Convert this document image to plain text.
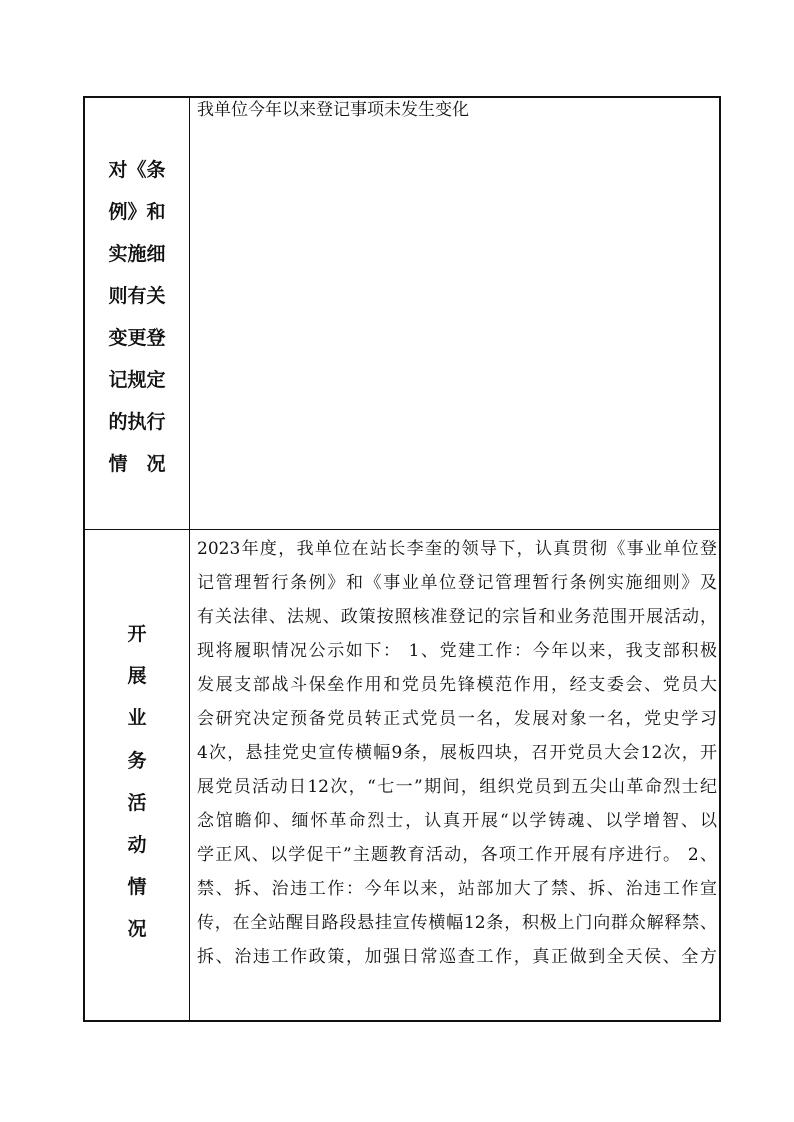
对《条
例》和
实施细
则有关
变更登
记规定
的执行
情　况
我单位今年以来登记事项未发生变化
开
展
业
务
活
动
情
况
2023年度，我单位在站长李奎的领导下，认真贯彻《事业单位登
记管理暂行条例》和《事业单位登记管理暂行条例实施细则》及
有关法律、法规、政策按照核准登记的宗旨和业务范围开展活动，
现将履职情况公示如下： 1、党建工作：今年以来，我支部积极
发展支部战斗保垒作用和党员先锋模范作用，经支委会、党员大
会研究决定预备党员转正式党员一名，发展对象一名，党史学习
4次，悬挂党史宣传横幅9条，展板四块，召开党员大会12次，开
展党员活动日12次，“七一”期间，组织党员到五尖山革命烈士纪
念馆瞻仰、缅怀革命烈士，认真开展“以学铸魂、以学增智、以
学正风、以学促干”主题教育活动，各项工作开展有序进行。 2、
禁、拆、治违工作：今年以来，站部加大了禁、拆、治违工作宣
传，在全站醒目路段悬挂宣传横幅12条，积极上门向群众解释禁、
拆、治违工作政策，加强日常巡查工作，真正做到全天侯、全方
